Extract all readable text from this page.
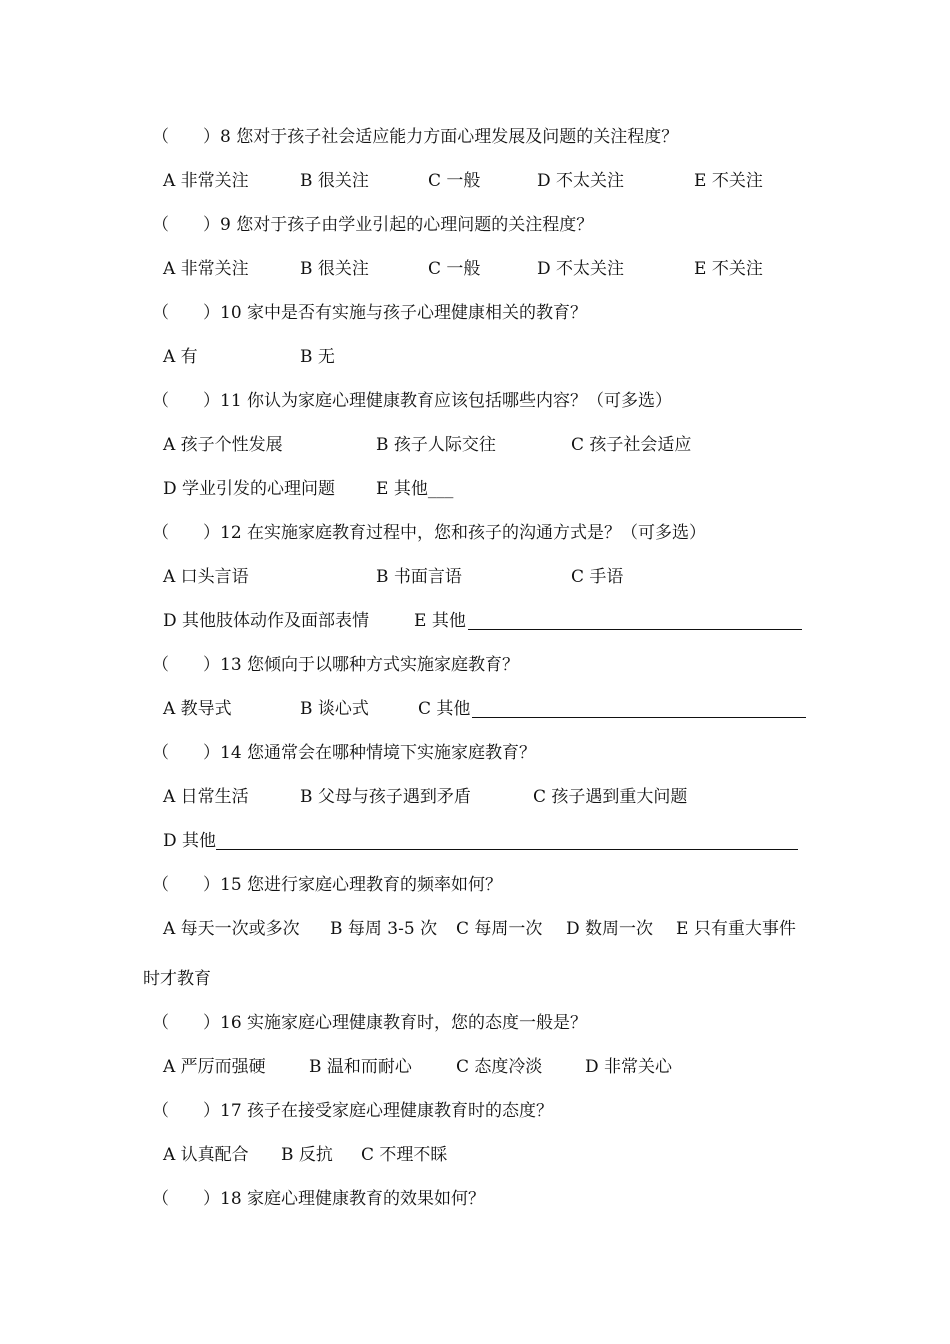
（　　）8 您对于孩子社会适应能力方面心理发展及问题的关注程度？
A 非常关注	B 很关注	C 一般	D 不太关注	E 不关注
（　　）9 您对于孩子由学业引起的心理问题的关注程度？
A 非常关注	B 很关注	C 一般	D 不太关注	E 不关注
（　　）10 家中是否有实施与孩子心理健康相关的教育？
A 有	B 无
（　　）11 你认为家庭心理健康教育应该包括哪些内容？（可多选）
A 孩子个性发展	B 孩子人际交往	C 孩子社会适应
D 学业引发的心理问题 E 其他___
（　　）12 在实施家庭教育过程中，您和孩子的沟通方式是？（可多选）
A 口头言语	B 书面言语	C 手语
D 其他肢体动作及面部表情	E 其他
（　　）13 您倾向于以哪种方式实施家庭教育？
A 教导式	B 谈心式	C 其他
（　　）14 您通常会在哪种情境下实施家庭教育？
A 日常生活	B 父母与孩子遇到矛盾	C 孩子遇到重大问题
D 其他
（　　）15 您进行家庭心理教育的频率如何？
A 每天一次或多次 B 每周 3-5 次 C 每周一次 D 数周一次 E 只有重大事件
时才教育
（　　）16 实施家庭心理健康教育时，您的态度一般是？
A 严厉而强硬	B 温和而耐心	C 态度冷淡	D 非常关心
（　　）17 孩子在接受家庭心理健康教育时的态度？
A 认真配合 B 反抗 C 不理不睬
（　　）18 家庭心理健康教育的效果如何？
